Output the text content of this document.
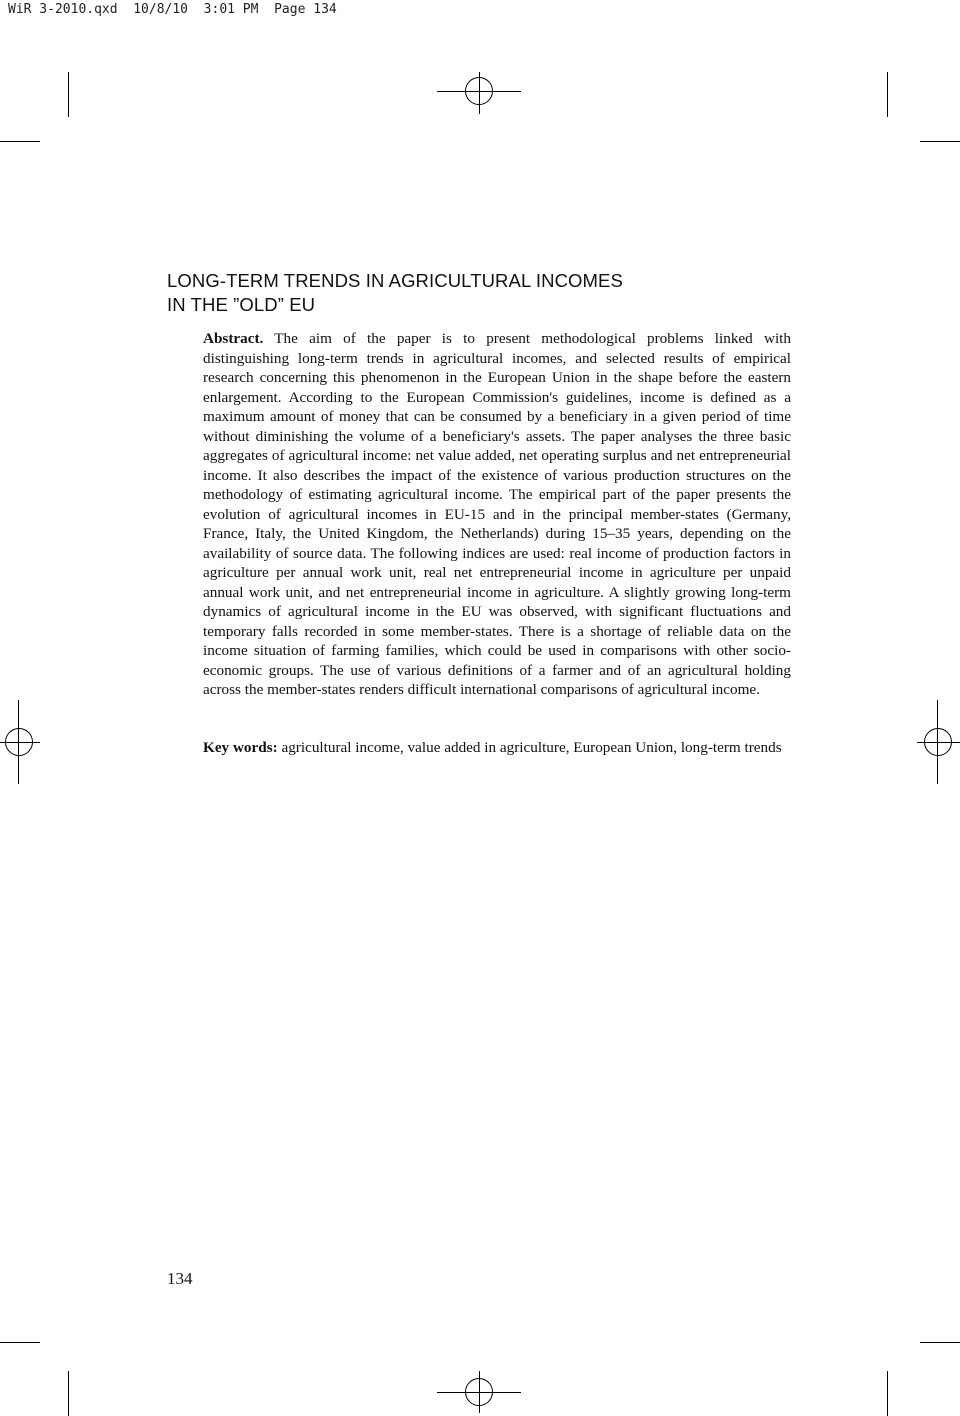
WiR 3-2010.qxd  10/8/10  3:01 PM  Page 134
LONG-TERM TRENDS IN AGRICULTURAL INCOMES
IN THE ”OLD” EU

Abstract. The aim of the paper is to present methodological problems linked with distinguishing long-term trends in agricultural incomes, and selected results of empirical research concerning this phenomenon in the European Union in the shape before the eastern enlargement. According to the European Commission's guidelines, income is defined as a maximum amount of money that can be consumed by a beneficiary in a given period of time without diminishing the volume of a beneficiary's assets. The paper analyses the three basic aggregates of agricultural income: net value added, net operating surplus and net entrepreneurial income. It also describes the impact of the existence of various production structures on the methodology of estimating agricultural income. The empirical part of the paper presents the evolution of agricultural incomes in EU-15 and in the principal member-states (Germany, France, Italy, the United Kingdom, the Netherlands) during 15–35 years, depending on the availability of source data. The following indices are used: real income of production factors in agriculture per annual work unit, real net entrepreneurial income in agriculture per unpaid annual work unit, and net entrepreneurial income in agriculture. A slightly growing long-term dynamics of agricultural income in the EU was observed, with significant fluctuations and temporary falls recorded in some member-states. There is a shortage of reliable data on the income situation of farming families, which could be used in comparisons with other socio-economic groups. The use of various definitions of a farmer and of an agricultural holding across the member-states renders difficult international comparisons of agricultural income.

Key words: agricultural income, value added in agriculture, European Union, long-term trends

134
